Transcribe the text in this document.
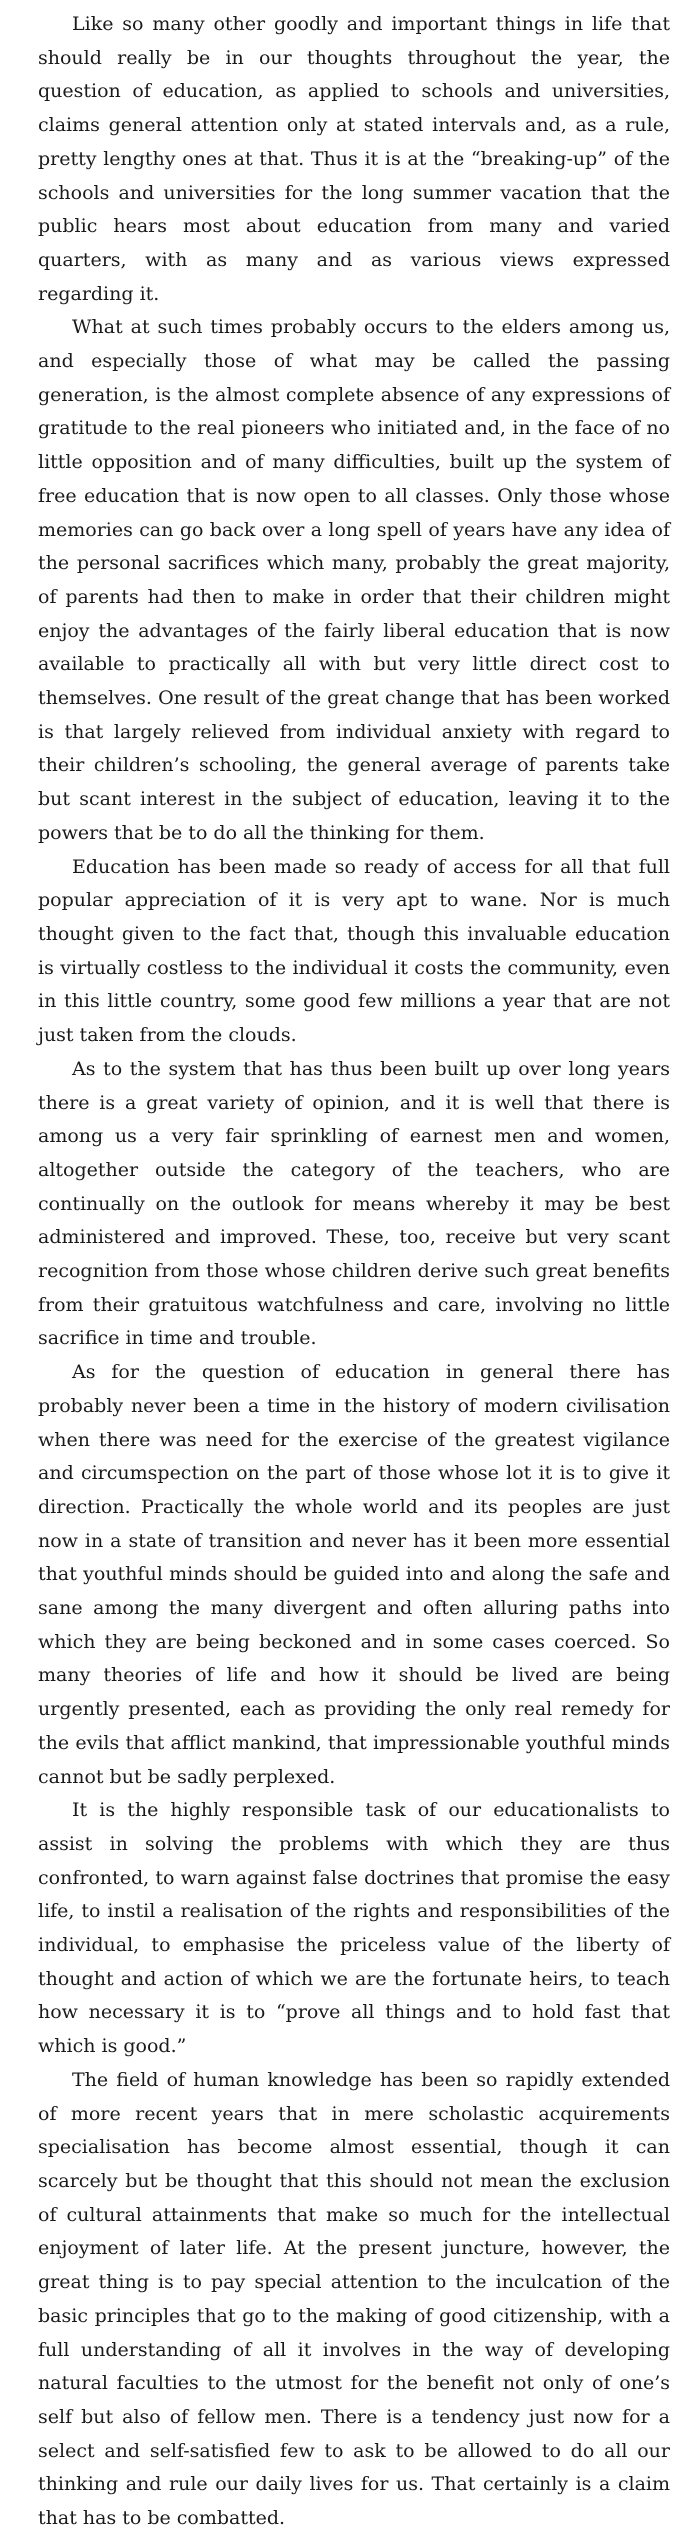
Like so many other goodly and important things in life that should really be in our thoughts throughout the year, the question of education, as applied to schools and universities, claims general attention only at stated intervals and, as a rule, pretty lengthy ones at that. Thus it is at the “breaking-up” of the schools and universities for the long summer vacation that the public hears most about education from many and varied quarters, with as many and as various views expressed regarding it.

What at such times probably occurs to the elders among us, and especially those of what may be called the passing generation, is the almost complete absence of any expressions of gratitude to the real pioneers who initiated and, in the face of no little opposition and of many difficulties, built up the system of free education that is now open to all classes. Only those whose memories can go back over a long spell of years have any idea of the personal sacrifices which many, probably the great majority, of parents had then to make in order that their children might enjoy the advantages of the fairly liberal education that is now available to practically all with but very little direct cost to themselves. One result of the great change that has been worked is that largely relieved from individual anxiety with regard to their children’s schooling, the general average of parents take but scant interest in the subject of education, leaving it to the powers that be to do all the thinking for them.

Education has been made so ready of access for all that full popular appreciation of it is very apt to wane. Nor is much thought given to the fact that, though this invaluable education is virtually costless to the individual it costs the community, even in this little country, some good few millions a year that are not just taken from the clouds.

As to the system that has thus been built up over long years there is a great variety of opinion, and it is well that there is among us a very fair sprinkling of earnest men and women, altogether outside the category of the teachers, who are continually on the outlook for means whereby it may be best administered and improved. These, too, receive but very scant recognition from those whose children derive such great benefits from their gratuitous watchfulness and care, involving no little sacrifice in time and trouble.

As for the question of education in general there has probably never been a time in the history of modern civilisation when there was need for the exercise of the greatest vigilance and circumspection on the part of those whose lot it is to give it direction. Practically the whole world and its peoples are just now in a state of transition and never has it been more essential that youthful minds should be guided into and along the safe and sane among the many divergent and often alluring paths into which they are being beckoned and in some cases coerced. So many theories of life and how it should be lived are being urgently presented, each as providing the only real remedy for the evils that afflict mankind, that impressionable youthful minds cannot but be sadly perplexed.

It is the highly responsible task of our educationalists to assist in solving the problems with which they are thus confronted, to warn against false doctrines that promise the easy life, to instil a realisation of the rights and responsibilities of the individual, to emphasise the priceless value of the liberty of thought and action of which we are the fortunate heirs, to teach how necessary it is to “prove all things and to hold fast that which is good.”

The field of human knowledge has been so rapidly extended of more recent years that in mere scholastic acquirements specialisation has become almost essential, though it can scarcely but be thought that this should not mean the exclusion of cultural attainments that make so much for the intellectual enjoyment of later life. At the present juncture, however, the great thing is to pay special attention to the inculcation of the basic principles that go to the making of good citizenship, with a full understanding of all it involves in the way of developing natural faculties to the utmost for the benefit not only of one’s self but also of fellow men. There is a tendency just now for a select and self-satisfied few to ask to be allowed to do all our thinking and rule our daily lives for us. That certainly is a claim that has to be combatted.
